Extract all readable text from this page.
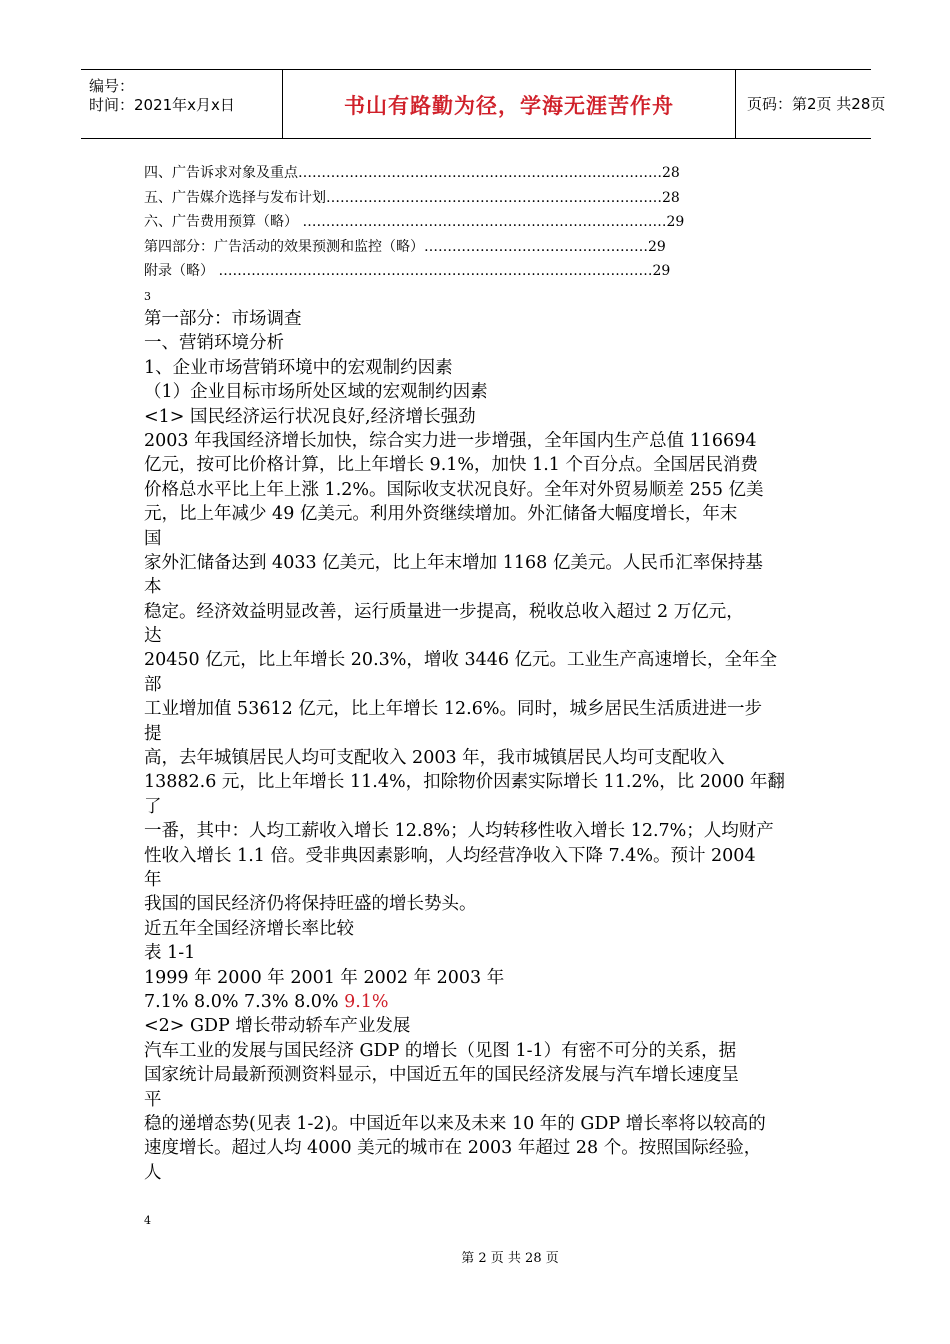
编号：
时间：2021年x月x日	书山有路勤为径，学海无涯苦作舟	页码：第2页 共28页
四、广告诉求对象及重点……………………………………………………………………28
五、广告媒介选择与发布计划………………………………………………………………28
六、广告费用预算（略） ……………………………………………………………………29
第四部分：广告活动的效果预测和监控（略）…………………………………………29
附录（略） …………………………………………………………………………………29
3
第一部分：市场调查
一、营销环境分析
1、企业市场营销环境中的宏观制约因素
（1）企业目标市场所处区域的宏观制约因素
<1> 国民经济运行状况良好,经济增长强劲
2003 年我国经济增长加快，综合实力进一步增强，全年国内生产总值 116694
亿元，按可比价格计算，比上年增长 9.1%，加快 1.1 个百分点。全国居民消费
价格总水平比上年上涨 1.2%。国际收支状况良好。全年对外贸易顺差 255 亿美
元，比上年减少 49 亿美元。利用外资继续增加。外汇储备大幅度增长，年末
国
家外汇储备达到 4033 亿美元，比上年末增加 1168 亿美元。人民币汇率保持基
本
稳定。经济效益明显改善，运行质量进一步提高，税收总收入超过 2 万亿元，
达
20450 亿元，比上年增长 20.3%，增收 3446 亿元。工业生产高速增长，全年全
部
工业增加值 53612 亿元，比上年增长 12.6%。同时，城乡居民生活质进进一步
提
高，去年城镇居民人均可支配收入 2003 年，我市城镇居民人均可支配收入
13882.6 元，比上年增长 11.4%，扣除物价因素实际增长 11.2%，比 2000 年翻
了
一番，其中：人均工薪收入增长 12.8%；人均转移性收入增长 12.7%；人均财产
性收入增长 1.1 倍。受非典因素影响，人均经营净收入下降 7.4%。预计 2004
年
我国的国民经济仍将保持旺盛的增长势头。
近五年全国经济增长率比较
表 1-1
1999 年 2000 年 2001 年 2002 年 2003 年
7.1% 8.0% 7.3% 8.0% 9.1%
<2> GDP 增长带动轿车产业发展
汽车工业的发展与国民经济 GDP 的增长（见图 1-1）有密不可分的关系，据
国家统计局最新预测资料显示，中国近五年的国民经济发展与汽车增长速度呈
平
稳的递增态势(见表 1-2)。中国近年以来及未来 10 年的 GDP 增长率将以较高的
速度增长。超过人均 4000 美元的城市在 2003 年超过 28 个。按照国际经验，
人
4
第 2 页 共 28 页
